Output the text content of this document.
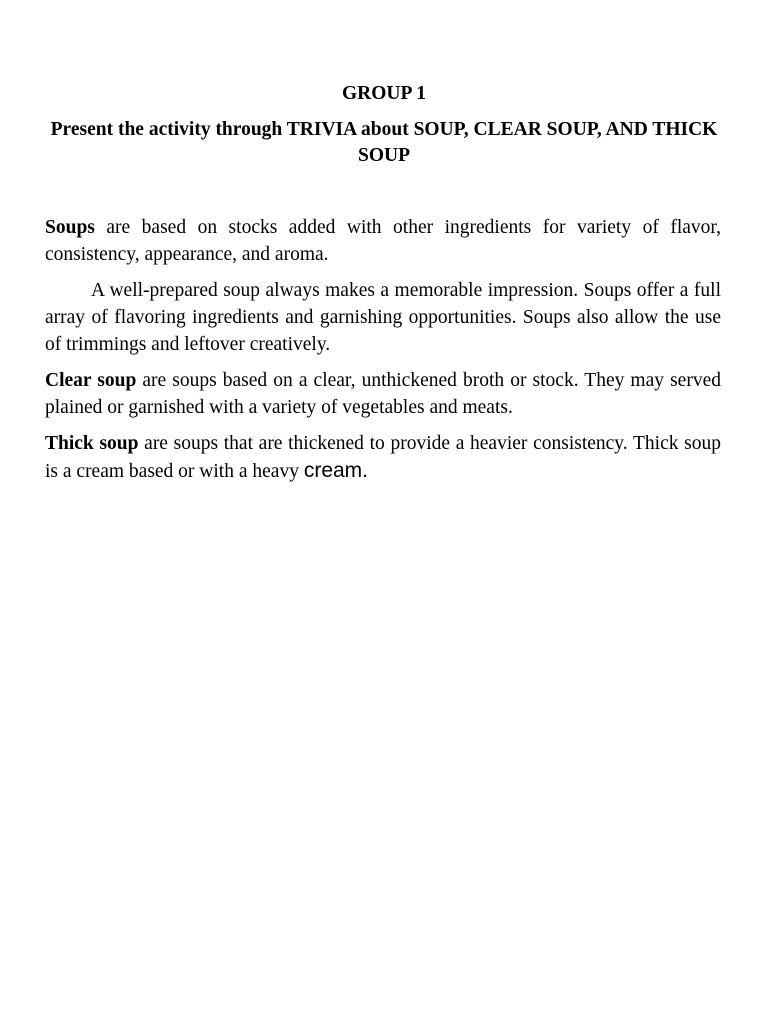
GROUP 1
Present the activity through TRIVIA about SOUP, CLEAR SOUP, AND THICK SOUP

Soups are based on stocks added with other ingredients for variety of flavor, consistency, appearance, and aroma.

A well-prepared soup always makes a memorable impression. Soups offer a full array of flavoring ingredients and garnishing opportunities. Soups also allow the use of trimmings and leftover creatively.

Clear soup are soups based on a clear, unthickened broth or stock. They may served plained or garnished with a variety of vegetables and meats.

Thick soup are soups that are thickened to provide a heavier consistency. Thick soup is a cream based or with a heavy cream.
